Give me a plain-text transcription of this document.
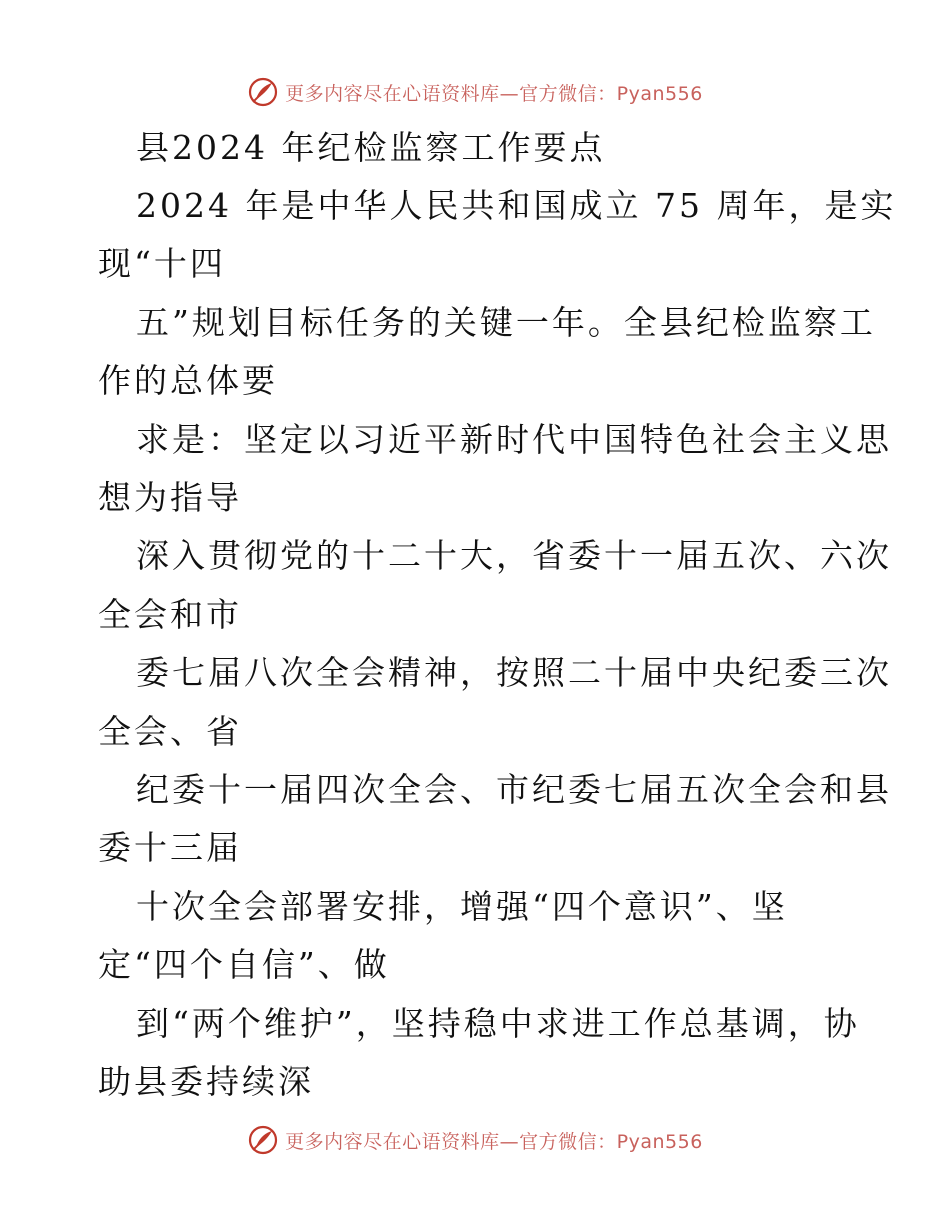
更多内容尽在心语资料库—官方微信：Pyan556
县2024 年纪检监察工作要点
2024 年是中华人民共和国成立 75 周年，是实
现“十四
五”规划目标任务的关键一年。全县纪检监察工
作的总体要
求是：坚定以习近平新时代中国特色社会主义思
想为指导
深入贯彻党的十二十大，省委十一届五次、六次
全会和市
委七届八次全会精神，按照二十届中央纪委三次
全会、省
纪委十一届四次全会、市纪委七届五次全会和县
委十三届
十次全会部署安排，增强“四个意识”、坚
定“四个自信”、做
到“两个维护”，坚持稳中求进工作总基调，协
助县委持续深
更多内容尽在心语资料库—官方微信：Pyan556
